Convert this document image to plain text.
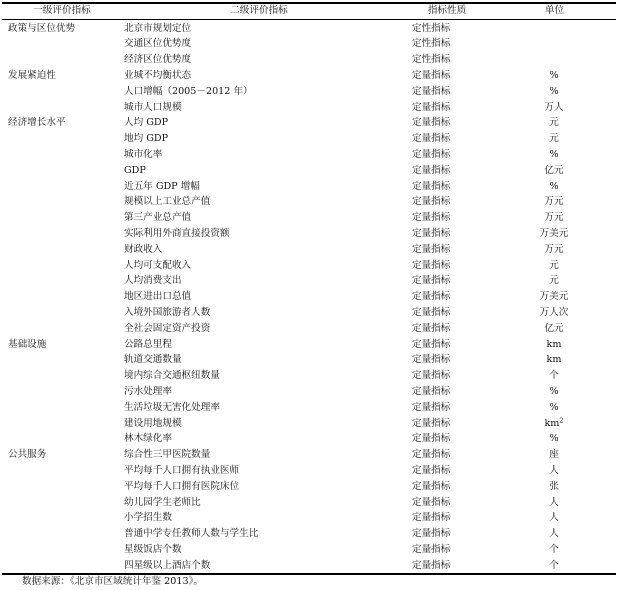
一级评价指标	二级评价指标	指标性质	单位
政策与区位优势	北京市规划定位	定性指标
交通区位优势度	定性指标
经济区位优势度	定性指标
发展紧迫性	业城不均衡状态	定量指标	%
人口增幅（2005－2012 年）	定量指标	%
城市人口规模	定量指标	万人
经济增长水平	人均 GDP	定量指标	元
地均 GDP	定量指标	元
城市化率	定量指标	%
GDP	定量指标	亿元
近五年 GDP 增幅	定量指标	%
规模以上工业总产值	定量指标	万元
第三产业总产值	定量指标	万元
实际利用外商直接投资额	定量指标	万美元
财政收入	定量指标	万元
人均可支配收入	定量指标	元
人均消费支出	定量指标	元
地区进出口总值	定量指标	万美元
入境外国旅游者人数	定量指标	万人次
全社会固定资产投资	定量指标	亿元
基础设施	公路总里程	定量指标	km
轨道交通数量	定量指标	km
境内综合交通枢纽数量	定量指标	个
污水处理率	定量指标	%
生活垃圾无害化处理率	定量指标	%
建设用地规模	定量指标	$km^2$
林木绿化率	定量指标	%
公共服务	综合性三甲医院数量	定量指标	座
平均每千人口拥有执业医师	定量指标	人
平均每千人口拥有医院床位	定量指标	张
幼儿园学生老师比	定量指标	人
小学招生数	定量指标	人
普通中学专任教师人数与学生比	定量指标	人
星级饭店个数	定量指标	个
四星级以上酒店个数	定量指标	个
数据来源：《北京市区域统计年鉴 2013》。
